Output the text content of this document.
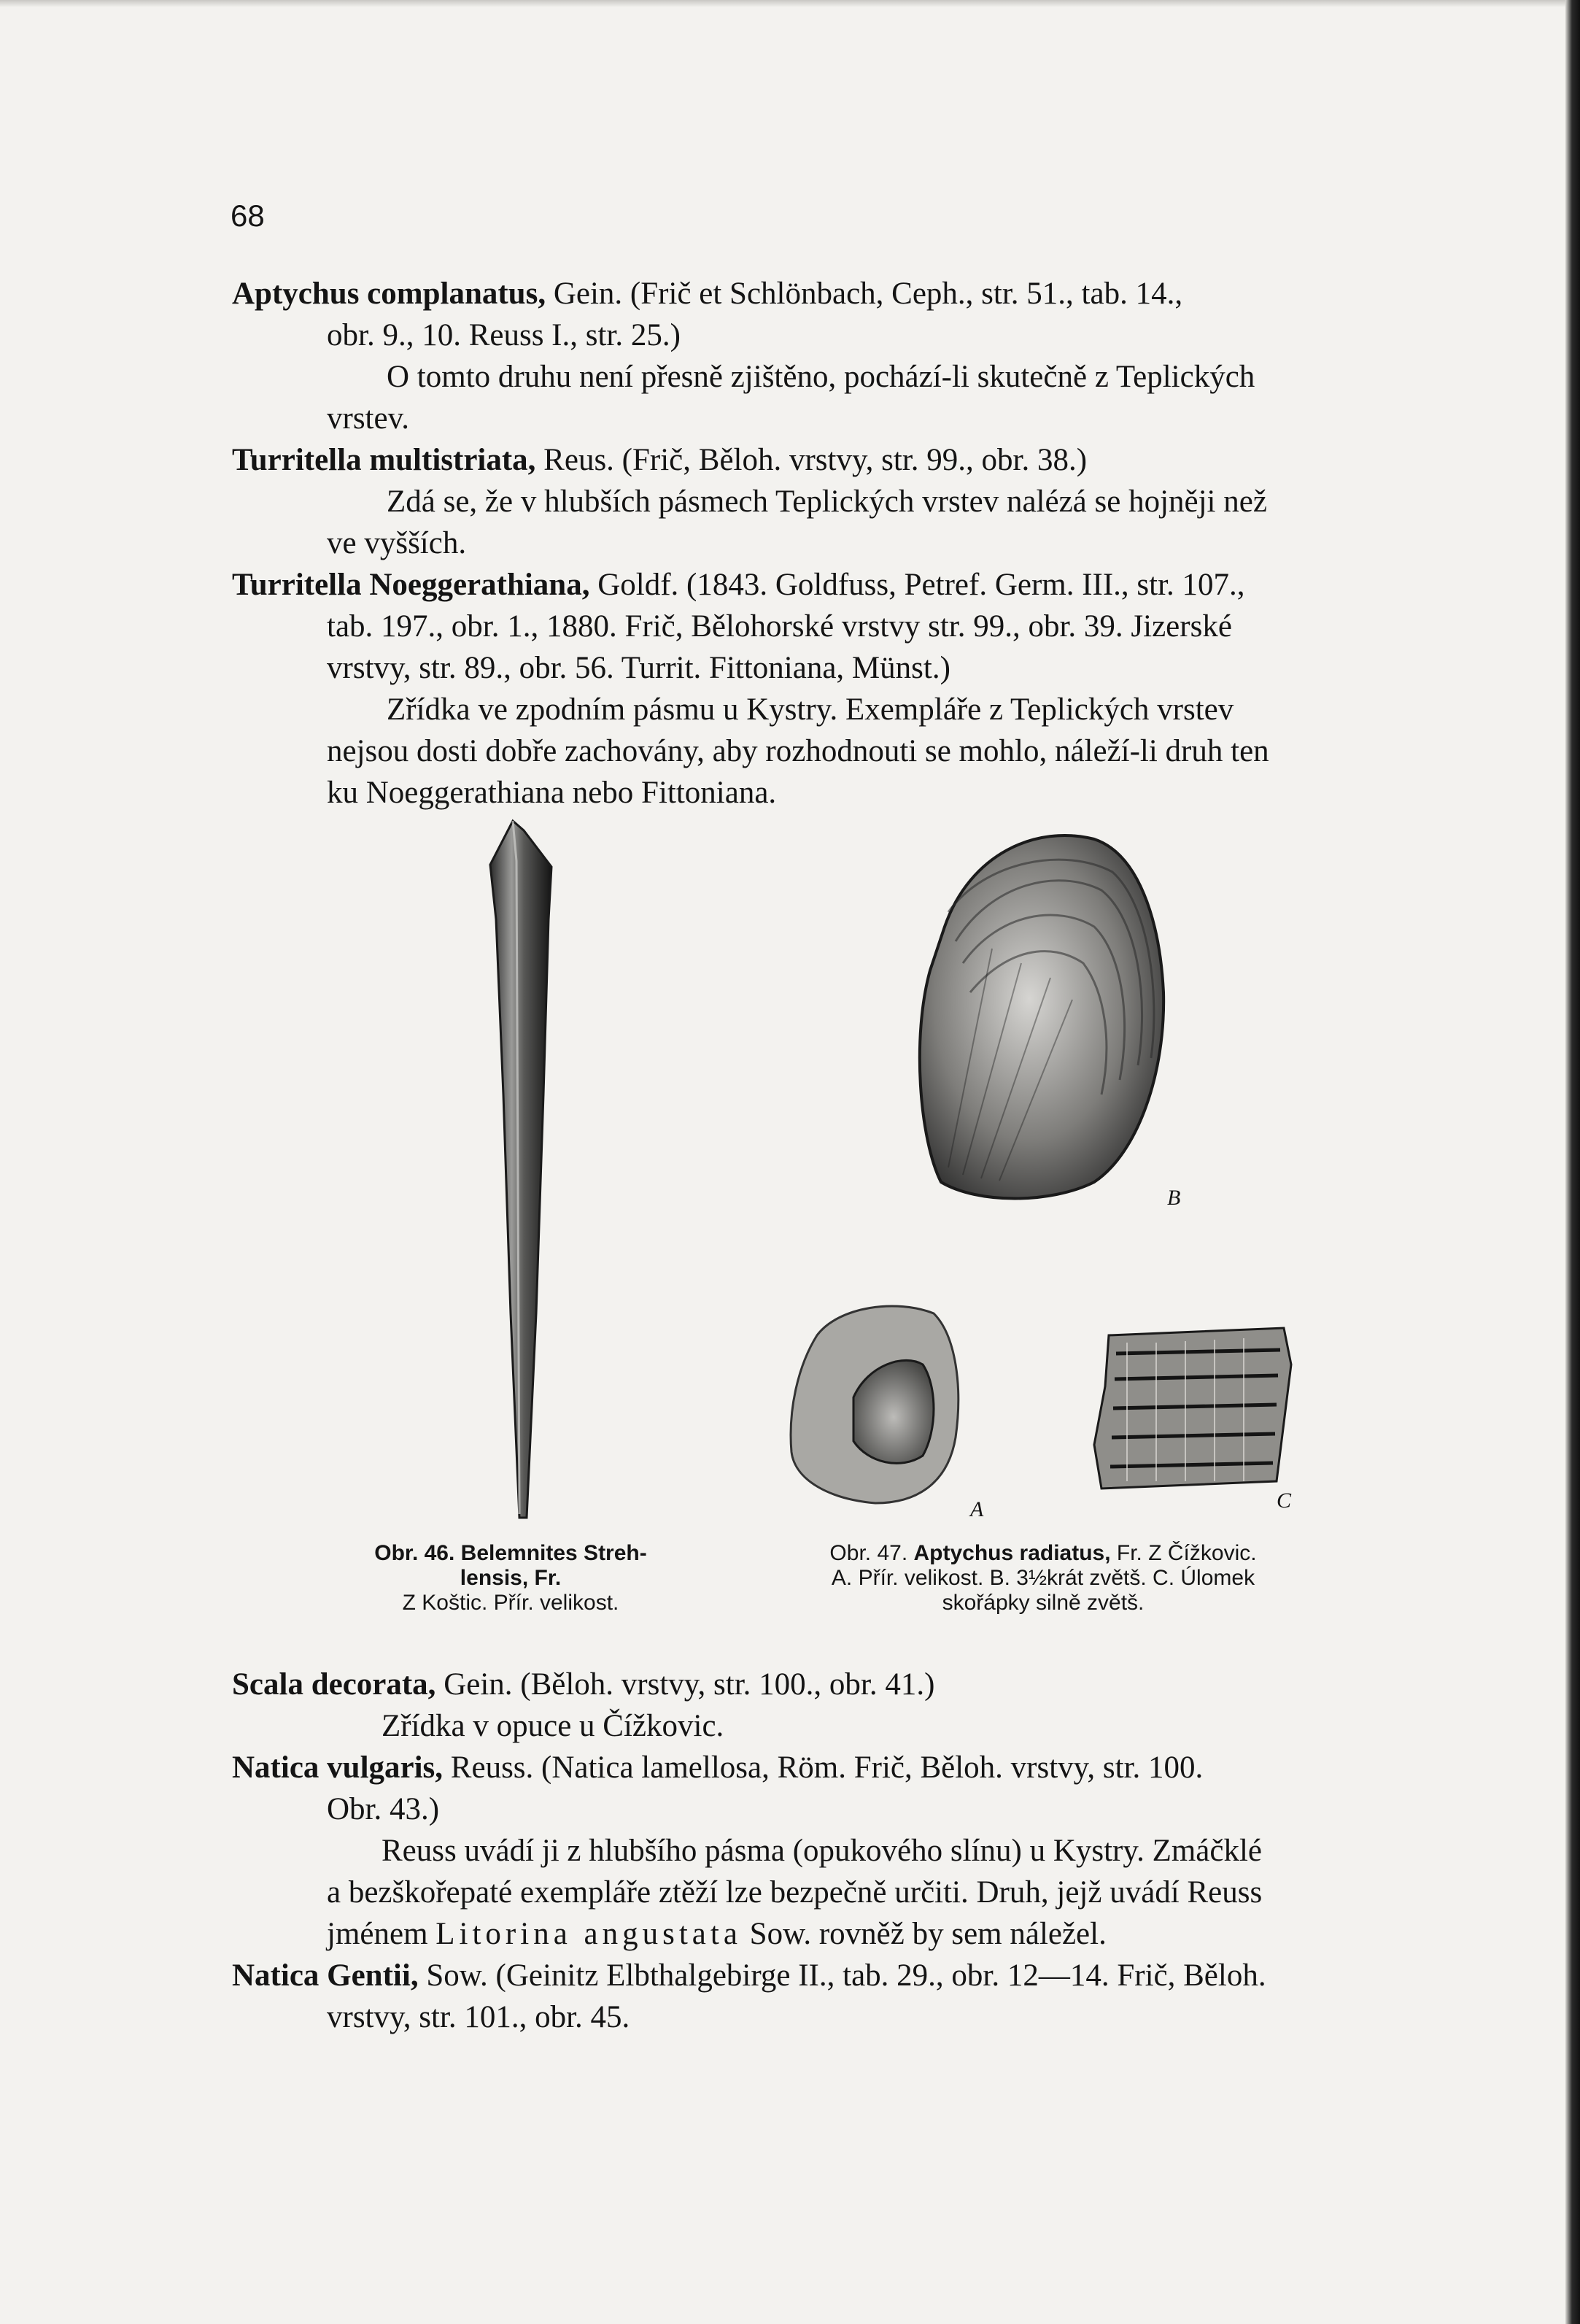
68

Aptychus complanatus, Gein. (Frič et Schlönbach, Ceph., str. 51., tab. 14.,
obr. 9., 10. Reuss I., str. 25.)
O tomto druhu není přesně zjištěno, pochází-li skutečně z Teplických
vrstev.

Turritella multistriata, Reus. (Frič, Běloh. vrstvy, str. 99., obr. 38.)
Zdá se, že v hlubších pásmech Teplických vrstev nalézá se hojněji než
ve vyšších.

Turritella Noeggerathiana, Goldf. (1843. Goldfuss, Petref. Germ. III., str. 107.,
tab. 197., obr. 1., 1880. Frič, Bělohorské vrstvy str. 99., obr. 39. Jizerské
vrstvy, str. 89., obr. 56. Turrit. Fittoniana, Münst.)
Zřídka ve zpodním pásmu u Kystry. Exempláře z Teplických vrstev
nejsou dosti dobře zachovány, aby rozhodnouti se mohlo, náleží-li druh ten
ku Noeggerathiana nebo Fittoniana.

B
A	C
Obr. 46. Belemnites Streh-
lensis, Fr.
Z Koštic. Přír. velikost.
Obr. 47. Aptychus radiatus, Fr. Z Čížkovic.
A. Přír. velikost. B. 3½krát zvětš. C. Úlomek
skořápky silně zvětš.

Scala decorata, Gein. (Běloh. vrstvy, str. 100., obr. 41.)
Zřídka v opuce u Čížkovic.

Natica vulgaris, Reuss. (Natica lamellosa, Röm. Frič, Běloh. vrstvy, str. 100.
Obr. 43.)
Reuss uvádí ji z hlubšího pásma (opukového slínu) u Kystry. Zmáčklé
a bezškořepaté exempláře ztěží lze bezpečně určiti. Druh, jejž uvádí Reuss
jménem Litorina angustata Sow. rovněž by sem náležel.

Natica Gentii, Sow. (Geinitz Elbthalgebirge II., tab. 29., obr. 12—14. Frič, Běloh.
vrstvy, str. 101., obr. 45.
